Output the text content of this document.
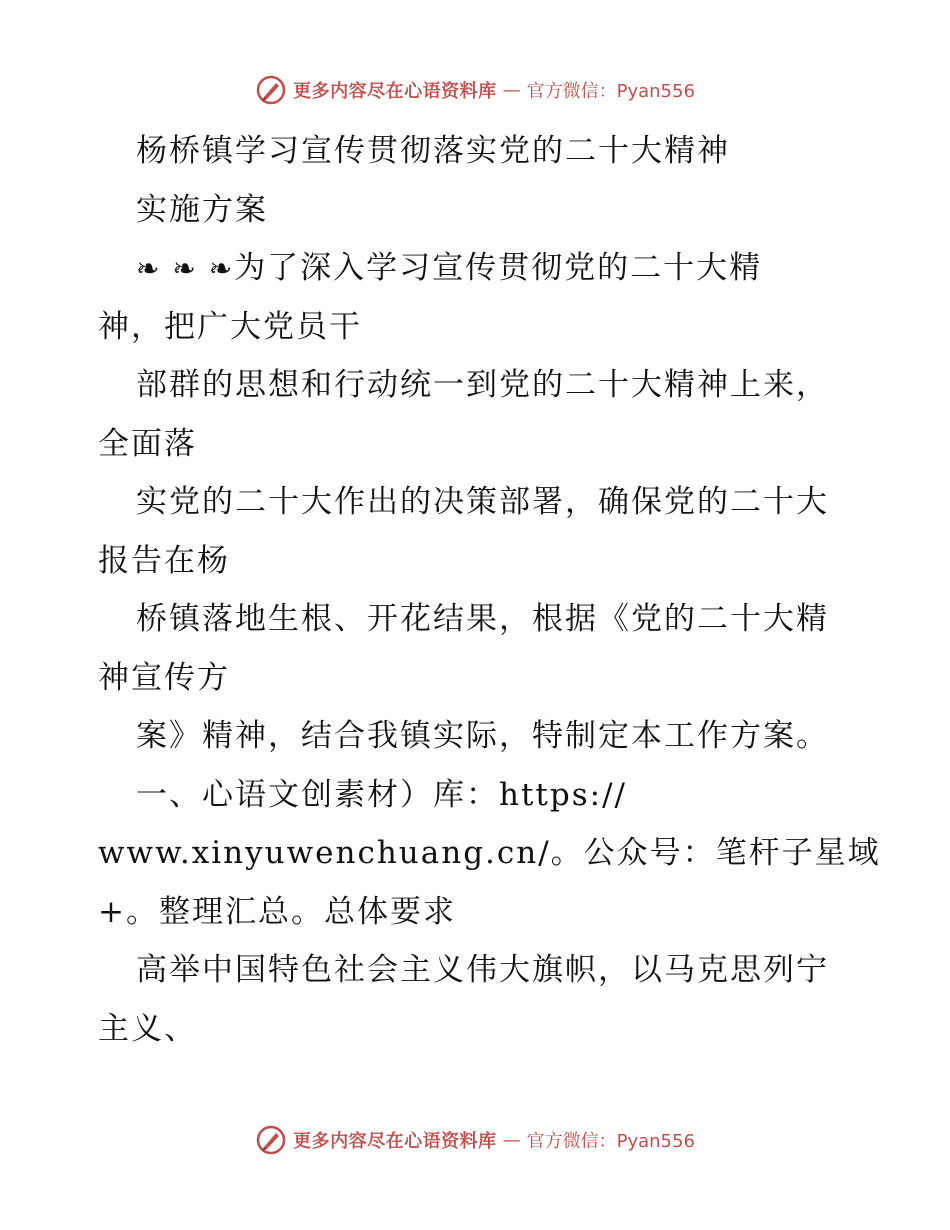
更多内容尽在心语资料库 — 官方微信：Pyan556
杨桥镇学习宣传贯彻落实党的二十大精神
实施方案
❧ ❧ ❧为了深入学习宣传贯彻党的二十大精
神，把广大党员干
部群的思想和行动统一到党的二十大精神上来，
全面落
实党的二十大作出的决策部署，确保党的二十大
报告在杨
桥镇落地生根、开花结果，根据《党的二十大精
神宣传方
案》精神，结合我镇实际，特制定本工作方案。
一、心语文创素材）库：https://
www.xinyuwenchuang.cn/。公众号：笔杆子星域
+。整理汇总。总体要求
高举中国特色社会主义伟大旗帜，以马克思列宁
主义、
更多内容尽在心语资料库 — 官方微信：Pyan556
